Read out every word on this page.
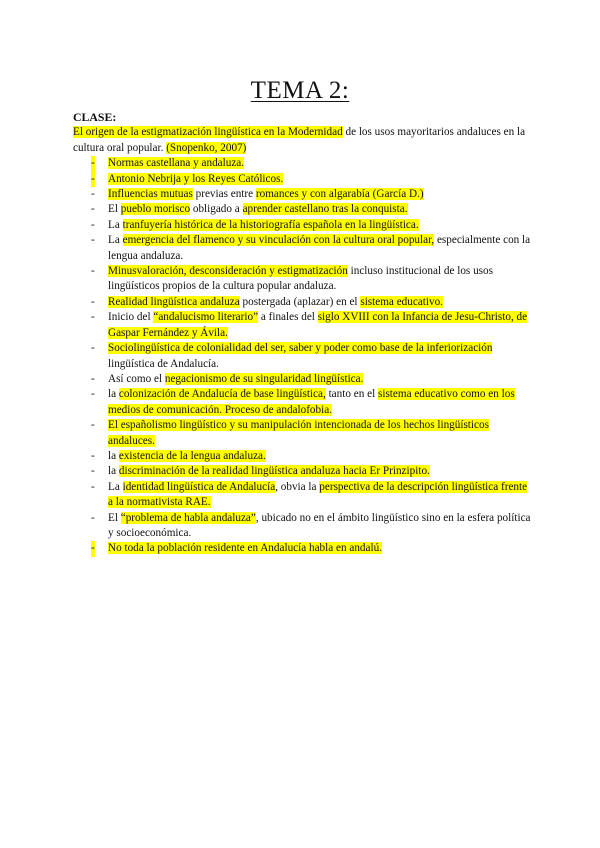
TEMA 2:

CLASE:

El origen de la estigmatización lingüística en la Modernidad de los usos mayoritarios andaluces en la cultura oral popular. (Snopenko, 2007)

- Normas castellana y andaluza.
- Antonio Nebrija y los Reyes Católicos.
- Influencias mutuas previas entre romances y con algarabía (García D.)
- El pueblo morisco obligado a aprender castellano tras la conquista.
- La tranfuyería histórica de la historiografía española en la lingüística.
- La emergencia del flamenco y su vinculación con la cultura oral popular, especialmente con la lengua andaluza.
- Minusvaloración, desconsideración y estigmatización incluso institucional de los usos lingüísticos propios de la cultura popular andaluza.
- Realidad lingüística andaluza postergada (aplazar) en el sistema educativo.
- Inicio del “andalucismo literario” a finales del siglo XVIII con la Infancia de Jesu-Christo, de Gaspar Fernández y Ávila.
- Sociolingüística de colonialidad del ser, saber y poder como base de la inferiorización lingüística de Andalucía.
- Así como el negacionismo de su singularidad lingüística.
- la colonización de Andalucía de base lingüística, tanto en el sistema educativo como en los medios de comunicación. Proceso de andalofobia.
- El españolismo lingüístico y su manipulación intencionada de los hechos lingüísticos andaluces.
- la existencia de la lengua andaluza.
- la discriminación de la realidad lingüística andaluza hacia Er Prinzipito.
- La identidad lingüística de Andalucía, obvia la perspectiva de la descripción lingüística frente a la normativista RAE.
- El “problema de habla andaluza”, ubicado no en el ámbito lingüístico sino en la esfera política y socioeconómica.
- No toda la población residente en Andalucía habla en andalú.
